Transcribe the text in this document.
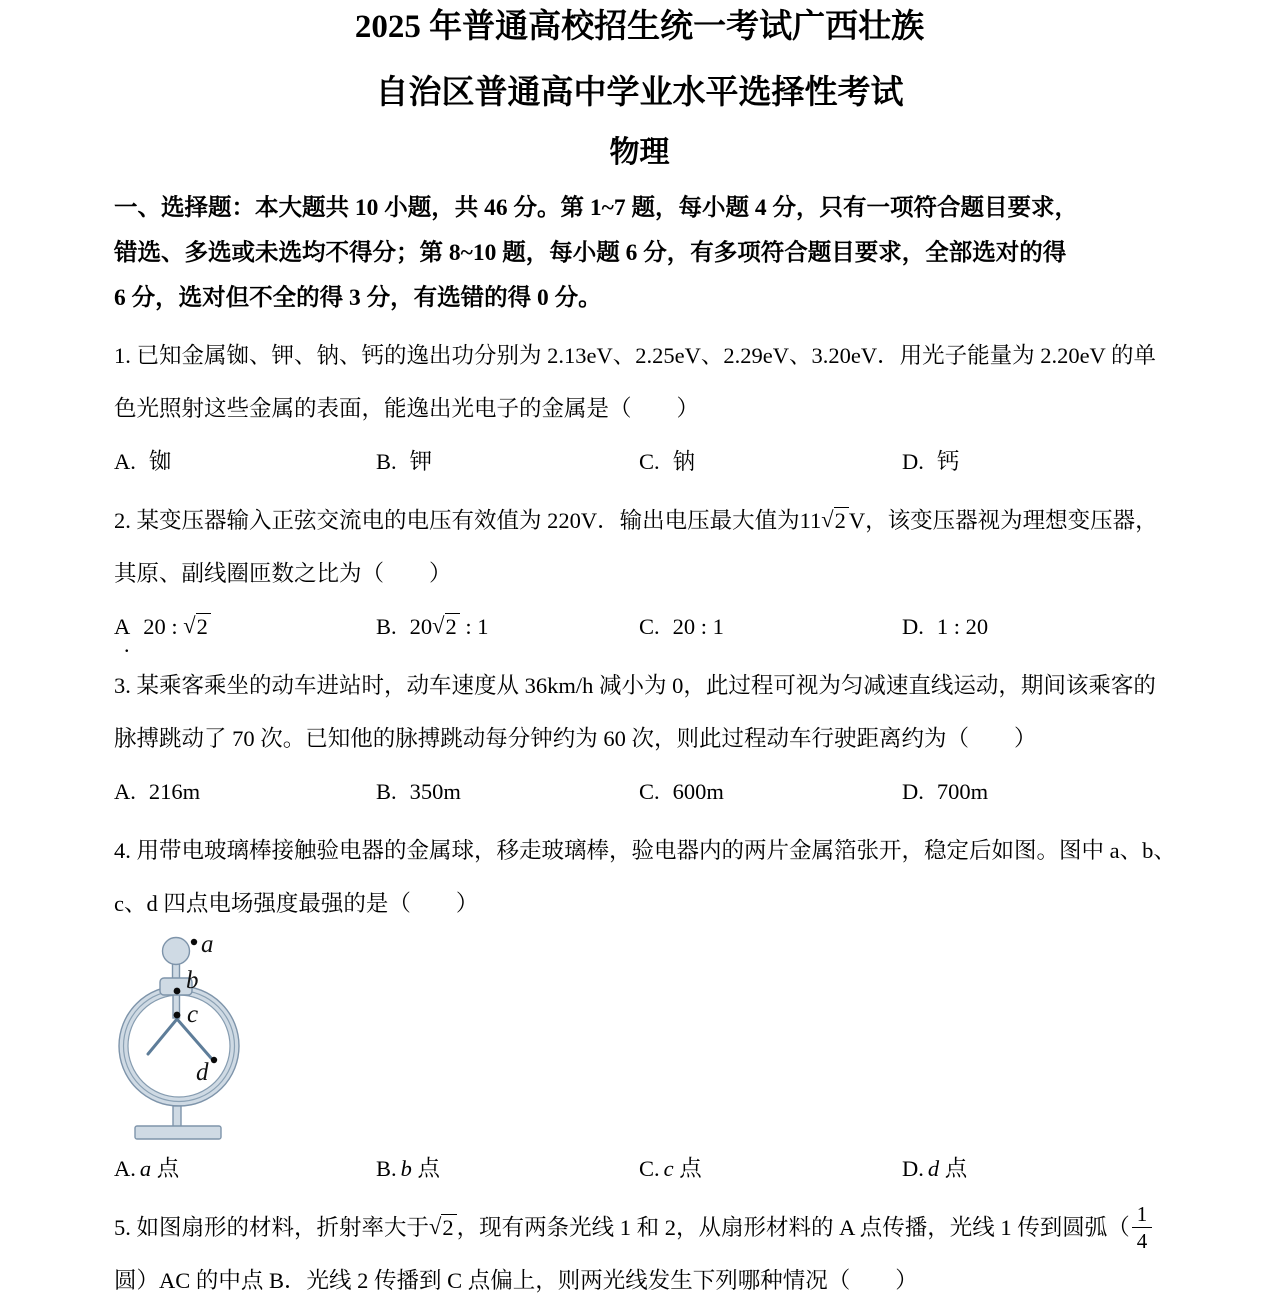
2025 年普通高校招生统一考试广西壮族
自治区普通高中学业水平选择性考试
物理
一、选择题：本大题共 10 小题，共 46 分。第 1~7 题，每小题 4 分，只有一项符合题目要求，
错选、多选或未选均不得分；第 8~10 题，每小题 6 分，有多项符合题目要求，全部选对的得
6 分，选对但不全的得 3 分，有选错的得 0 分。
1. 已知金属铷、钾、钠、钙的逸出功分别为 2.13eV、2.25eV、2.29eV、3.20eV．用光子能量为 2.20eV 的单
色光照射这些金属的表面，能逸出光电子的金属是（　　）
A. 铷	B. 钾	C. 钠	D. 钙
2. 某变压器输入正弦交流电的电压有效值为 220V．输出电压最大值为11√2 V，该变压器视为理想变压器，
其原、副线圈匝数之比为（　　）
A
.
20 : √2	B. 20√2 : 1	C. 20 : 1	D. 1 : 20
3. 某乘客乘坐的动车进站时，动车速度从 36km/h 减小为 0，此过程可视为匀减速直线运动，期间该乘客的
脉搏跳动了 70 次。已知他的脉搏跳动每分钟约为 60 次，则此过程动车行驶距离约为（　　）
A. 216m	B. 350m	C. 600m	D. 700m
4. 用带电玻璃棒接触验电器的金属球，移走玻璃棒，验电器内的两片金属箔张开，稳定后如图。图中 a、b、
c、d 四点电场强度最强的是（　　）
a
b
c
d
A. a 点	B. b 点	C. c 点	D. d 点
5. 如图扇形的材料，折射率大于√2 ，现有两条光线 1 和 2，从扇形材料的 A 点传播，光线 1 传到圆弧（ $\frac{1}{4}$
圆）AC 的中点 B．光线 2 传播到 C 点偏上，则两光线发生下列哪种情况（　　）
